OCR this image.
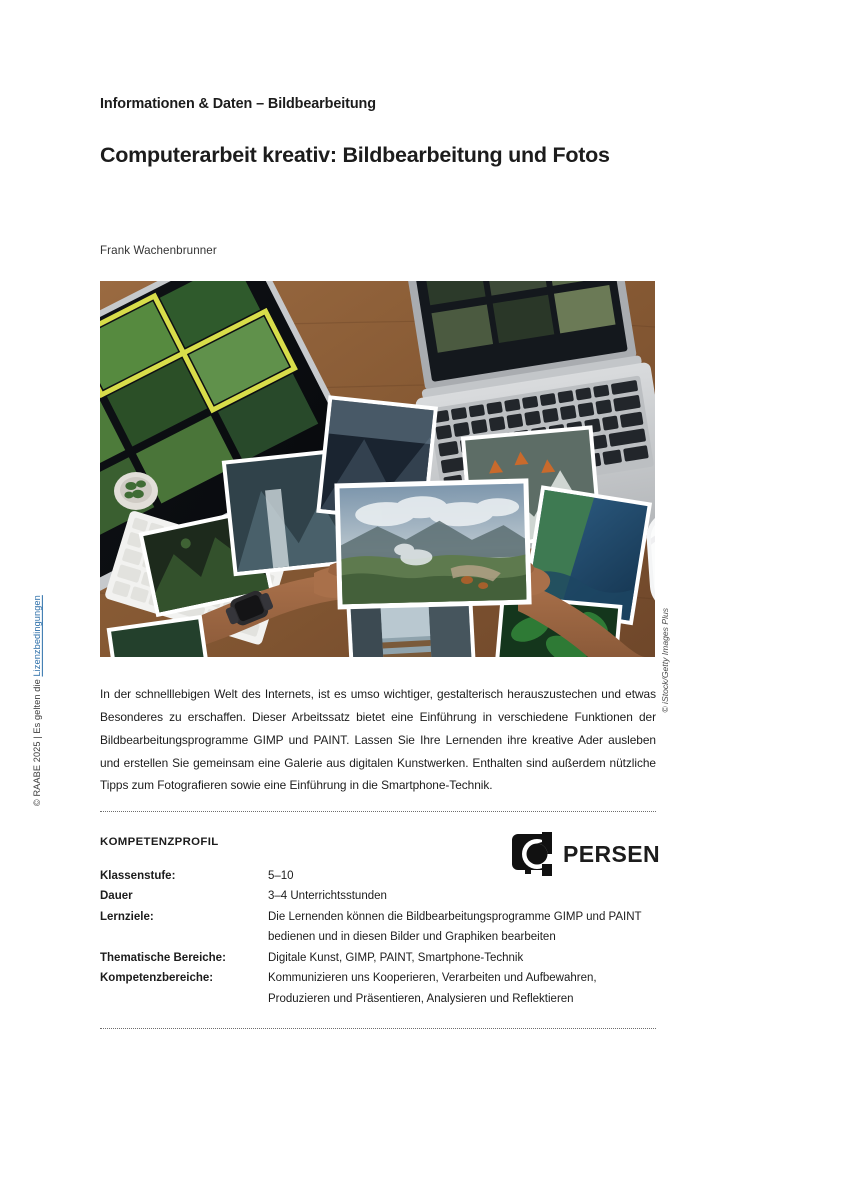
© RAABE 2025 | Es gelten die Lizenzbedingungen	© iStock/Getty Images Plus
Informationen & Daten – Bildbearbeitung
Computerarbeit kreativ: Bildbearbeitung und Fotos
Frank Wachenbrunner

In der schnelllebigen Welt des Internets, ist es umso wichtiger, gestalterisch herauszustechen und etwas Besonderes zu erschaffen. Dieser Arbeitssatz bietet eine Einführung in verschiedene Funktionen der Bildbearbeitungsprogramme GIMP und PAINT. Lassen Sie Ihre Lernenden ihre kreative Ader ausleben und erstellen Sie gemeinsam eine Galerie aus digitalen Kunstwerken. Enthalten sind außerdem nützliche Tipps zum Fotografieren sowie eine Einführung in die Smartphone-Technik.

KOMPETENZPROFIL
Klassenstufe:	5–10
Dauer	3–4 Unterrichtsstunden
Lernziele:	Die Lernenden können die Bildbearbeitungsprogramme GIMP und PAINT bedienen und in diesen Bilder und Graphiken bearbeiten
Thematische Bereiche:	Digitale Kunst, GIMP, PAINT, Smartphone-Technik
Kompetenzbereiche:	Kommunizieren uns Kooperieren, Verarbeiten und Aufbewahren, Produzieren und Präsentieren, Analysieren und Reflektieren
PERSEN
